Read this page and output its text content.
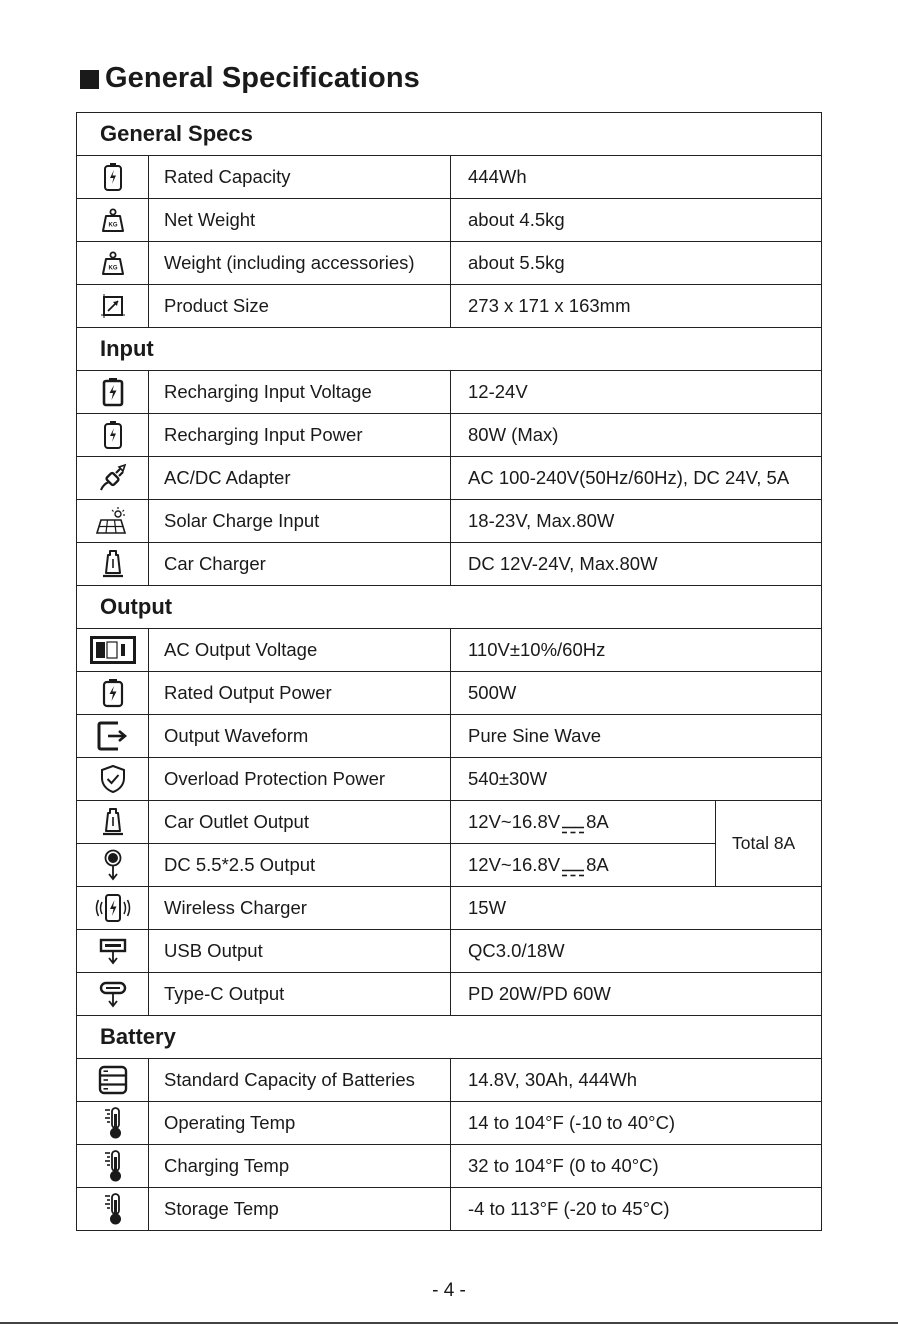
General Specifications
General Specs			

	Rated Capacity	444Wh	

KG	Net Weight	about 4.5kg	

KG	Weight (including accessories)	about 5.5kg	

	Product Size	273 x 171 x 163mm	
Input			

	Recharging Input Voltage	12-24V	

	Recharging Input Power	80W (Max)	

	AC/DC Adapter	AC 100-240V(50Hz/60Hz), DC 24V, 5A	

	Solar Charge Input	18-23V, Max.80W	

	Car Charger	DC 12V-24V, Max.80W	
Output			

	AC Output Voltage	110V±10%/60Hz	

	Rated Output Power	500W	

	Output Waveform	Pure Sine Wave	

	Overload Protection Power	540±30W	

	Car Outlet Output	12V~16.8V 8A	Total 8A

	DC 5.5*2.5 Output	12V~16.8V 8A	

	Wireless Charger	15W	

	USB Output	QC3.0/18W	

	Type-C Output	PD 20W/PD 60W	
Battery			

	Standard Capacity of Batteries	14.8V, 30Ah, 444Wh	

	Operating Temp	14 to 104°F (-10 to 40°C)	

	Charging Temp	32 to 104°F (0 to 40°C)	

	Storage Temp	-4 to 113°F (-20 to 45°C)	
- 4 -
